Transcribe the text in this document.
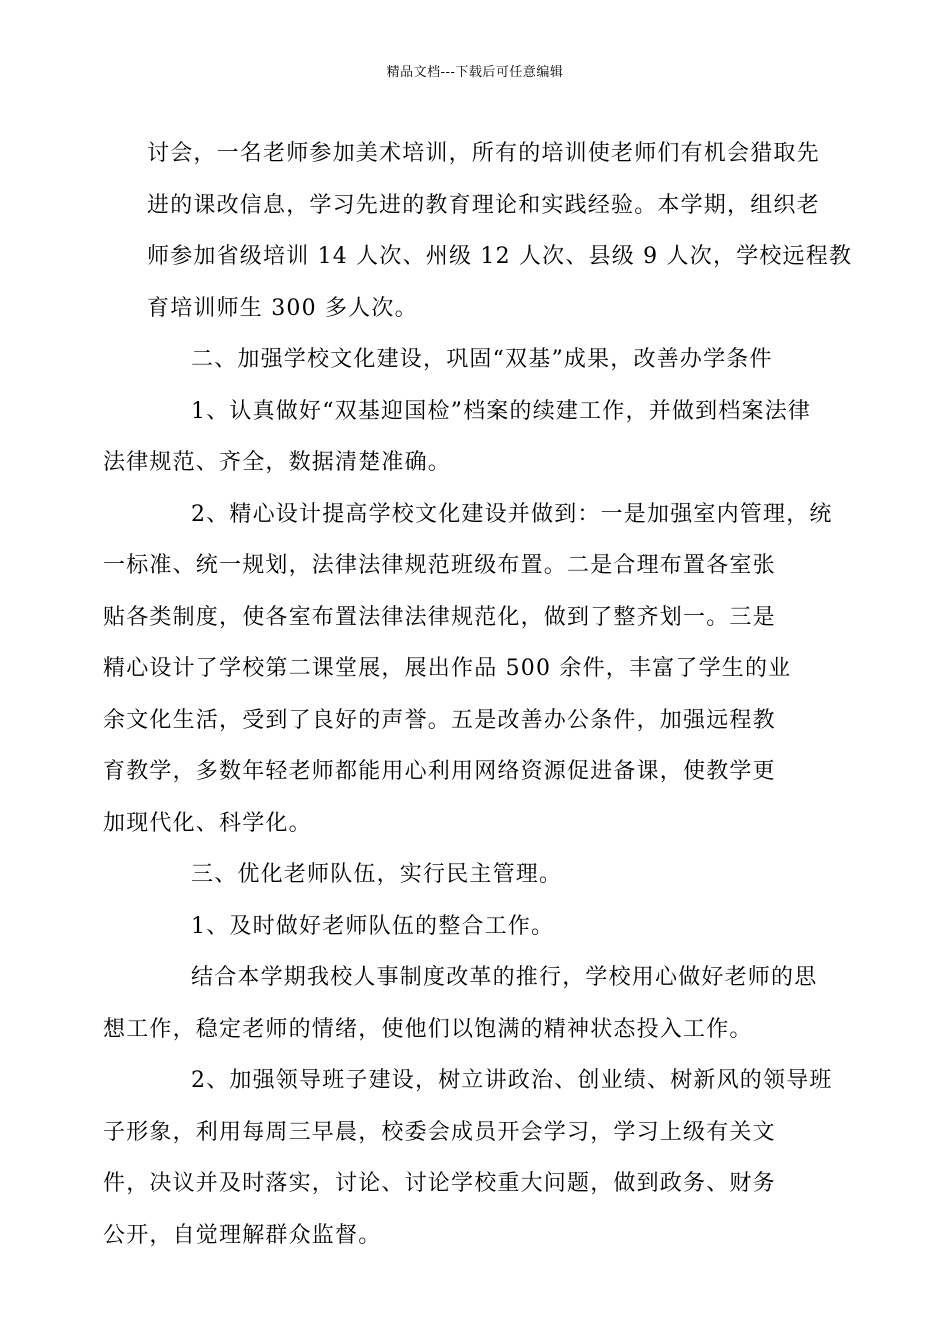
精品文档---下载后可任意编辑

讨会，一名老师参加美术培训，所有的培训使老师们有机会猎取先
进的课改信息，学习先进的教育理论和实践经验。本学期，组织老
师参加省级培训 14 人次、州级 12 人次、县级 9 人次，学校远程教
育培训师生 300 多人次。

二、加强学校文化建设，巩固“双基”成果，改善办学条件

1、认真做好“双基迎国检”档案的续建工作，并做到档案法律
法律规范、齐全，数据清楚准确。

2、精心设计提高学校文化建设并做到：一是加强室内管理，统
一标准、统一规划，法律法律规范班级布置。二是合理布置各室张
贴各类制度，使各室布置法律法律规范化，做到了整齐划一。三是
精心设计了学校第二课堂展，展出作品 500 余件，丰富了学生的业
余文化生活，受到了良好的声誉。五是改善办公条件，加强远程教
育教学，多数年轻老师都能用心利用网络资源促进备课，使教学更
加现代化、科学化。

三、优化老师队伍，实行民主管理。

1、及时做好老师队伍的整合工作。

结合本学期我校人事制度改革的推行，学校用心做好老师的思
想工作，稳定老师的情绪，使他们以饱满的精神状态投入工作。

2、加强领导班子建设，树立讲政治、创业绩、树新风的领导班
子形象，利用每周三早晨，校委会成员开会学习，学习上级有关文
件，决议并及时落实，讨论、讨论学校重大问题，做到政务、财务
公开，自觉理解群众监督。
